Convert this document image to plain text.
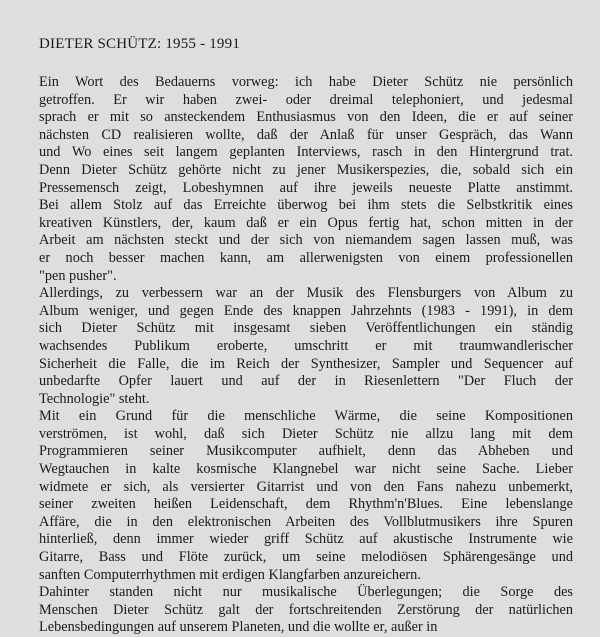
DIETER SCHÜTZ: 1955 - 1991

Ein Wort des Bedauerns vorweg: ich habe Dieter Schütz nie persönlich
getroffen. Er wir haben zwei- oder dreimal telephoniert, und jedesmal
sprach er mit so ansteckendem Enthusiasmus von den Ideen, die er auf seiner
nächsten CD realisieren wollte, daß der Anlaß für unser Gespräch, das Wann
und Wo eines seit langem geplanten Interviews, rasch in den Hintergrund trat.
Denn Dieter Schütz gehörte nicht zu jener Musikerspezies, die, sobald sich ein
Pressemensch zeigt, Lobeshymnen auf ihre jeweils neueste Platte anstimmt.
Bei allem Stolz auf das Erreichte überwog bei ihm stets die Selbstkritik eines
kreativen Künstlers, der, kaum daß er ein Opus fertig hat, schon mitten in der
Arbeit am nächsten steckt und der sich von niemandem sagen lassen muß, was
er noch besser machen kann, am allerwenigsten von einem professionellen
"pen pusher".

Allerdings, zu verbessern war an der Musik des Flensburgers von Album zu
Album weniger, und gegen Ende des knappen Jahrzehnts (1983 - 1991), in dem
sich Dieter Schütz mit insgesamt sieben Veröffentlichungen ein ständig
wachsendes Publikum eroberte, umschritt er mit traumwandlerischer
Sicherheit die Falle, die im Reich der Synthesizer, Sampler und Sequencer auf
unbedarfte Opfer lauert und auf der in Riesenlettern "Der Fluch der
Technologie" steht.

Mit ein Grund für die menschliche Wärme, die seine Kompositionen
verströmen, ist wohl, daß sich Dieter Schütz nie allzu lang mit dem
Programmieren seiner Musikcomputer aufhielt, denn das Abheben und
Wegtauchen in kalte kosmische Klangnebel war nicht seine Sache. Lieber
widmete er sich, als versierter Gitarrist und von den Fans nahezu unbemerkt,
seiner zweiten heißen Leidenschaft, dem Rhythm'n'Blues. Eine lebenslange
Affäre, die in den elektronischen Arbeiten des Vollblutmusikers ihre Spuren
hinterließ, denn immer wieder griff Schütz auf akustische Instrumente wie
Gitarre, Bass und Flöte zurück, um seine melodiösen Sphärengesänge und
sanften Computerrhythmen mit erdigen Klangfarben anzureichern.

Dahinter standen nicht nur musikalische Überlegungen; die Sorge des
Menschen Dieter Schütz galt der fortschreitenden Zerstörung der natürlichen
Lebensbedingungen auf unserem Planeten, und die wollte er, außer in
